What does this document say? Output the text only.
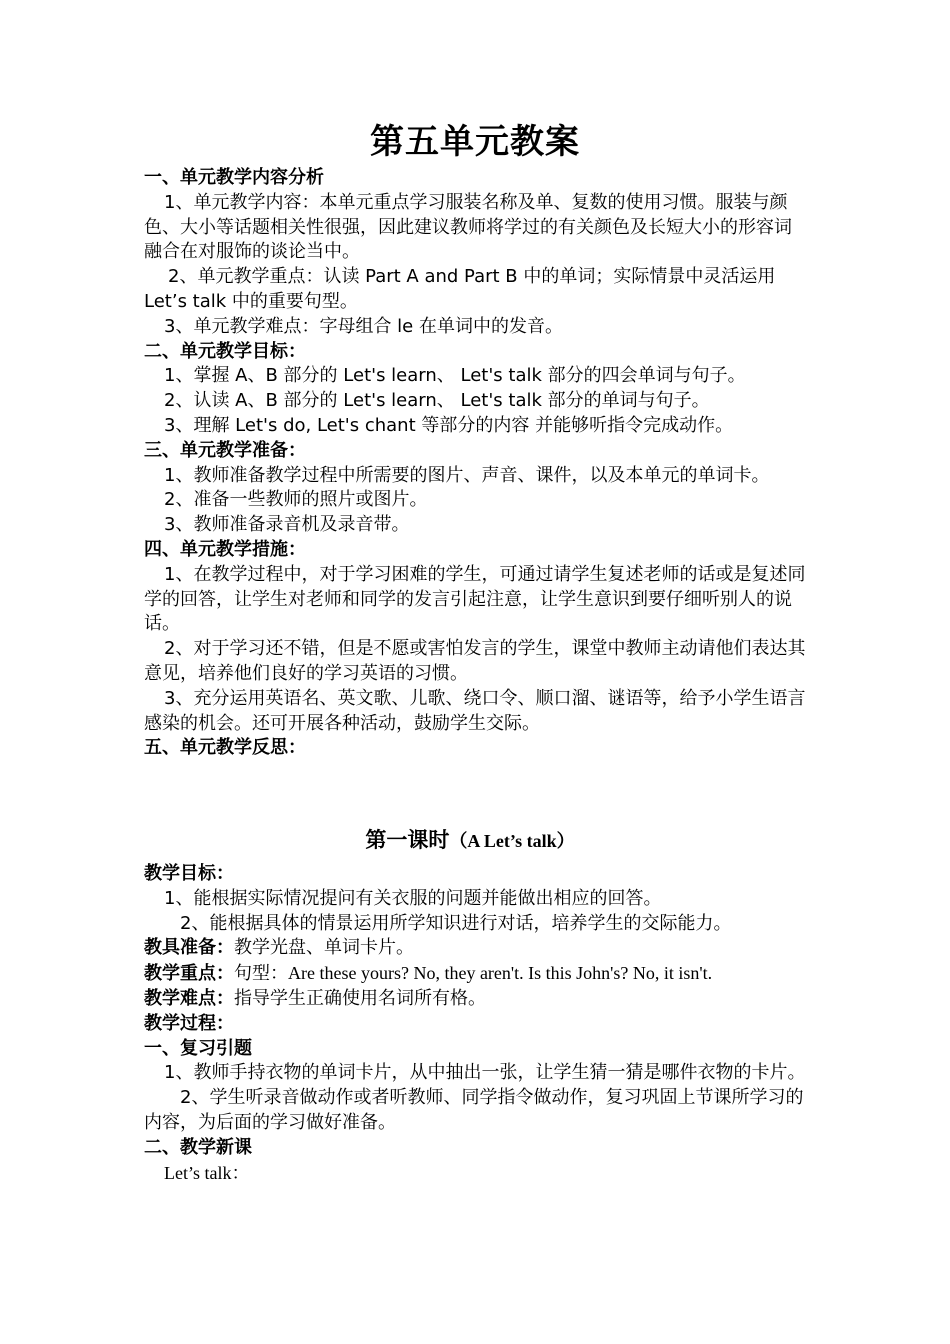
第五单元教案

一、单元教学内容分析

1、单元教学内容：本单元重点学习服装名称及单、复数的使用习惯。服装与颜色、大小等话题相关性很强，因此建议教师将学过的有关颜色及长短大小的形容词融合在对服饰的谈论当中。

2、单元教学重点：认读 Part A and Part B 中的单词；实际情景中灵活运用 Let’s talk 中的重要句型。

3、单元教学难点：字母组合 le 在单词中的发音。

二、单元教学目标：

1、掌握 A、B 部分的 Let's learn、 Let's talk 部分的四会单词与句子。

2、认读 A、B 部分的 Let's learn、 Let's talk 部分的单词与句子。

3、理解 Let's do, Let's chant 等部分的内容 并能够听指令完成动作。

三、单元教学准备：

1、教师准备教学过程中所需要的图片、声音、课件，以及本单元的单词卡。

2、准备一些教师的照片或图片。

3、教师准备录音机及录音带。

四、单元教学措施：

1、在教学过程中，对于学习困难的学生，可通过请学生复述老师的话或是复述同学的回答，让学生对老师和同学的发言引起注意，让学生意识到要仔细听别人的说话。

2、对于学习还不错，但是不愿或害怕发言的学生，课堂中教师主动请他们表达其意见，培养他们良好的学习英语的习惯。

3、充分运用英语名、英文歌、儿歌、绕口令、顺口溜、谜语等，给予小学生语言感染的机会。还可开展各种活动，鼓励学生交际。

五、单元教学反思：

第一课时（A Let’s talk）

教学目标：

1、能根据实际情况提问有关衣服的问题并能做出相应的回答。

2、能根据具体的情景运用所学知识进行对话，培养学生的交际能力。

教具准备：教学光盘、单词卡片。

教学重点：句型：Are these yours? No, they aren't. Is this John's? No, it isn't.

教学难点：指导学生正确使用名词所有格。

教学过程：

一、复习引题

1、教师手持衣物的单词卡片，从中抽出一张，让学生猜一猜是哪件衣物的卡片。

2、学生听录音做动作或者听教师、同学指令做动作，复习巩固上节课所学习的内容，为后面的学习做好准备。

二、教学新课

Let’s talk：
